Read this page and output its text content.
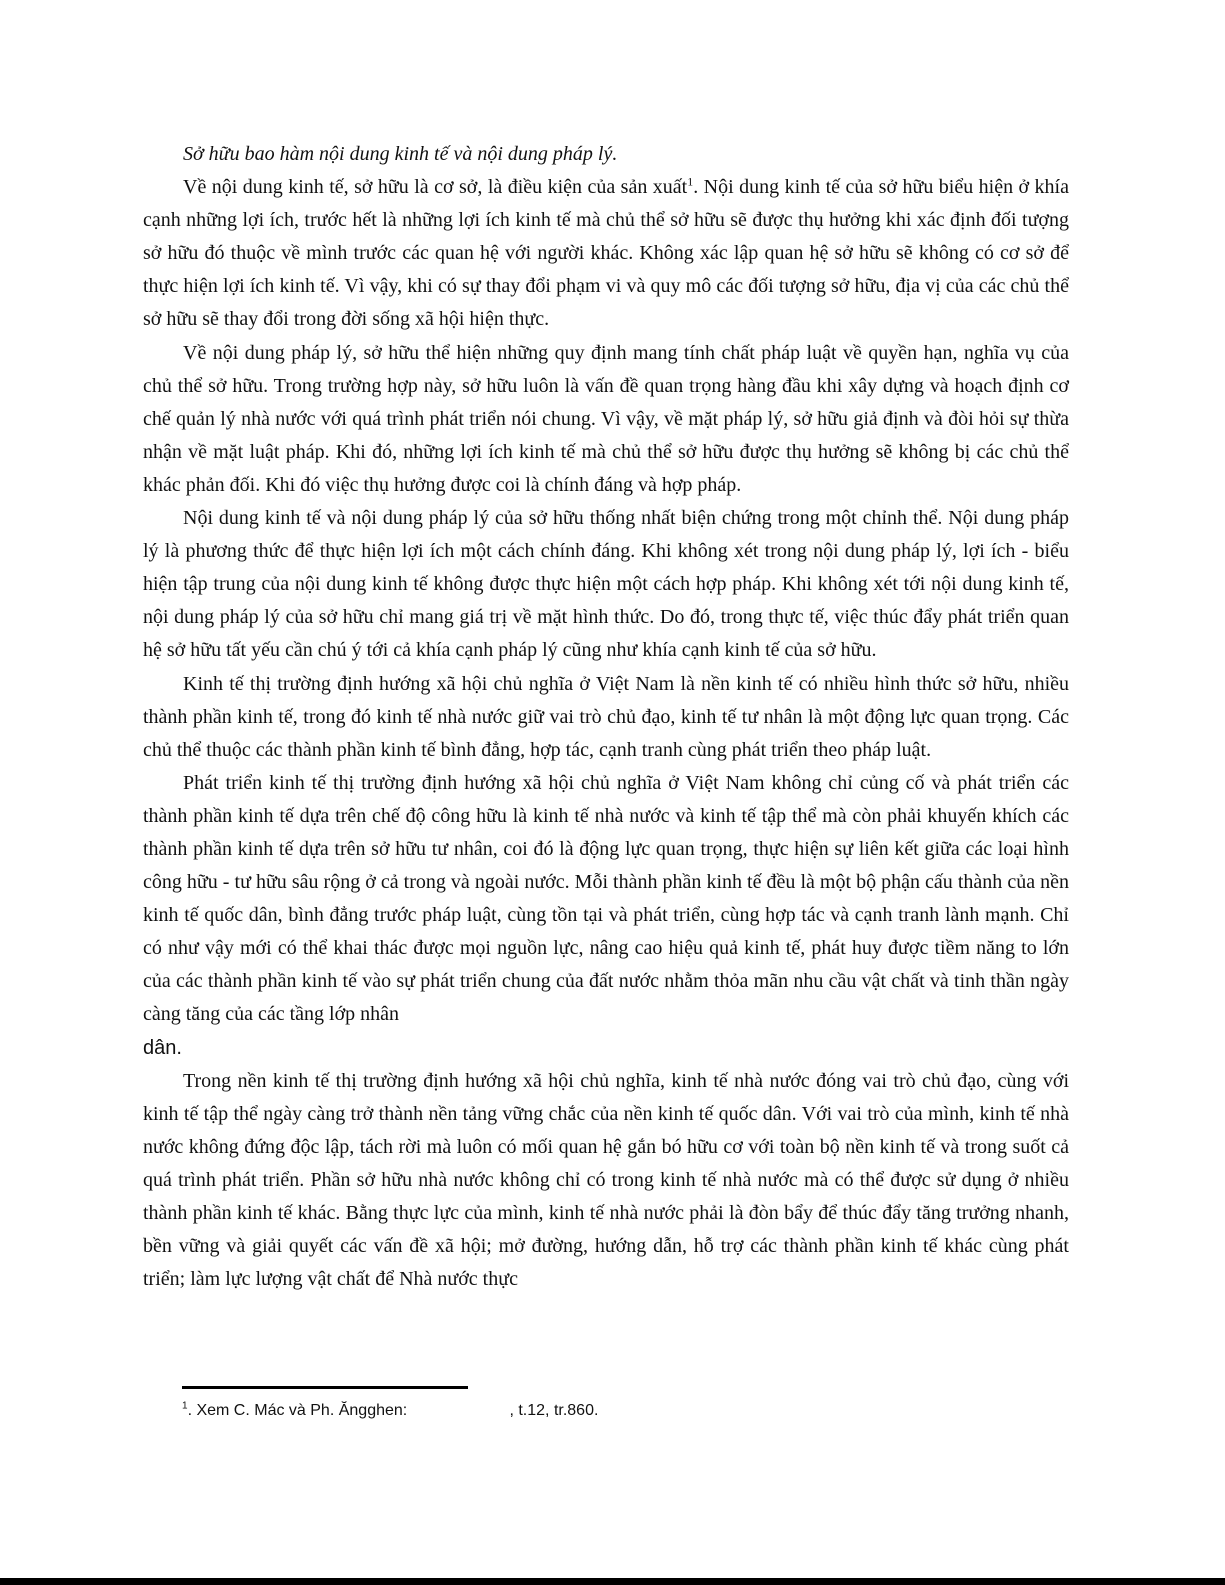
Sở hữu bao hàm nội dung kinh tế và nội dung pháp lý.

Về nội dung kinh tế, sở hữu là cơ sở, là điều kiện của sản xuất$^1$. Nội dung kinh tế của sở hữu biểu hiện ở khía cạnh những lợi ích, trước hết là những lợi ích kinh tế mà chủ thể sở hữu sẽ được thụ hưởng khi xác định đối tượng sở hữu đó thuộc về mình trước các quan hệ với người khác. Không xác lập quan hệ sở hữu sẽ không có cơ sở để thực hiện lợi ích kinh tế. Vì vậy, khi có sự thay đổi phạm vi và quy mô các đối tượng sở hữu, địa vị của các chủ thể sở hữu sẽ thay đổi trong đời sống xã hội hiện thực.

Về nội dung pháp lý, sở hữu thể hiện những quy định mang tính chất pháp luật về quyền hạn, nghĩa vụ của chủ thể sở hữu. Trong trường hợp này, sở hữu luôn là vấn đề quan trọng hàng đầu khi xây dựng và hoạch định cơ chế quản lý nhà nước với quá trình phát triển nói chung. Vì vậy, về mặt pháp lý, sở hữu giả định và đòi hỏi sự thừa nhận về mặt luật pháp. Khi đó, những lợi ích kinh tế mà chủ thể sở hữu được thụ hưởng sẽ không bị các chủ thể khác phản đối. Khi đó việc thụ hưởng được coi là chính đáng và hợp pháp.

Nội dung kinh tế và nội dung pháp lý của sở hữu thống nhất biện chứng trong một chỉnh thể. Nội dung pháp lý là phương thức để thực hiện lợi ích một cách chính đáng. Khi không xét trong nội dung pháp lý, lợi ích - biểu hiện tập trung của nội dung kinh tế không được thực hiện một cách hợp pháp. Khi không xét tới nội dung kinh tế, nội dung pháp lý của sở hữu chỉ mang giá trị về mặt hình thức. Do đó, trong thực tế, việc thúc đẩy phát triển quan hệ sở hữu tất yếu cần chú ý tới cả khía cạnh pháp lý cũng như khía cạnh kinh tế của sở hữu.

Kinh tế thị trường định hướng xã hội chủ nghĩa ở Việt Nam là nền kinh tế có nhiều hình thức sở hữu, nhiều thành phần kinh tế, trong đó kinh tế nhà nước giữ vai trò chủ đạo, kinh tế tư nhân là một động lực quan trọng. Các chủ thể thuộc các thành phần kinh tế bình đẳng, hợp tác, cạnh tranh cùng phát triển theo pháp luật.

Phát triển kinh tế thị trường định hướng xã hội chủ nghĩa ở Việt Nam không chỉ củng cố và phát triển các thành phần kinh tế dựa trên chế độ công hữu là kinh tế nhà nước và kinh tế tập thể mà còn phải khuyến khích các thành phần kinh tế dựa trên sở hữu tư nhân, coi đó là động lực quan trọng, thực hiện sự liên kết giữa các loại hình công hữu - tư hữu sâu rộng ở cả trong và ngoài nước. Mỗi thành phần kinh tế đều là một bộ phận cấu thành của nền kinh tế quốc dân, bình đẳng trước pháp luật, cùng tồn tại và phát triển, cùng hợp tác và cạnh tranh lành mạnh. Chỉ có như vậy mới có thể khai thác được mọi nguồn lực, nâng cao hiệu quả kinh tế, phát huy được tiềm năng to lớn của các thành phần kinh tế vào sự phát triển chung của đất nước nhằm thỏa mãn nhu cầu vật chất và tinh thần ngày càng tăng của các tầng lớp nhân
dân.

Trong nền kinh tế thị trường định hướng xã hội chủ nghĩa, kinh tế nhà nước đóng vai trò chủ đạo, cùng với kinh tế tập thể ngày càng trở thành nền tảng vững chắc của nền kinh tế quốc dân. Với vai trò của mình, kinh tế nhà nước không đứng độc lập, tách rời mà luôn có mối quan hệ gắn bó hữu cơ với toàn bộ nền kinh tế và trong suốt cả quá trình phát triển. Phần sở hữu nhà nước không chỉ có trong kinh tế nhà nước mà có thể được sử dụng ở nhiều thành phần kinh tế khác. Bằng thực lực của mình, kinh tế nhà nước phải là đòn bẩy để thúc đẩy tăng trưởng nhanh, bền vững và giải quyết các vấn đề xã hội; mở đường, hướng dẫn, hỗ trợ các thành phần kinh tế khác cùng phát triển; làm lực lượng vật chất để Nhà nước thực

$^1$. Xem C. Mác và Ph. Ăngghen:                       , t.12, tr.860.
